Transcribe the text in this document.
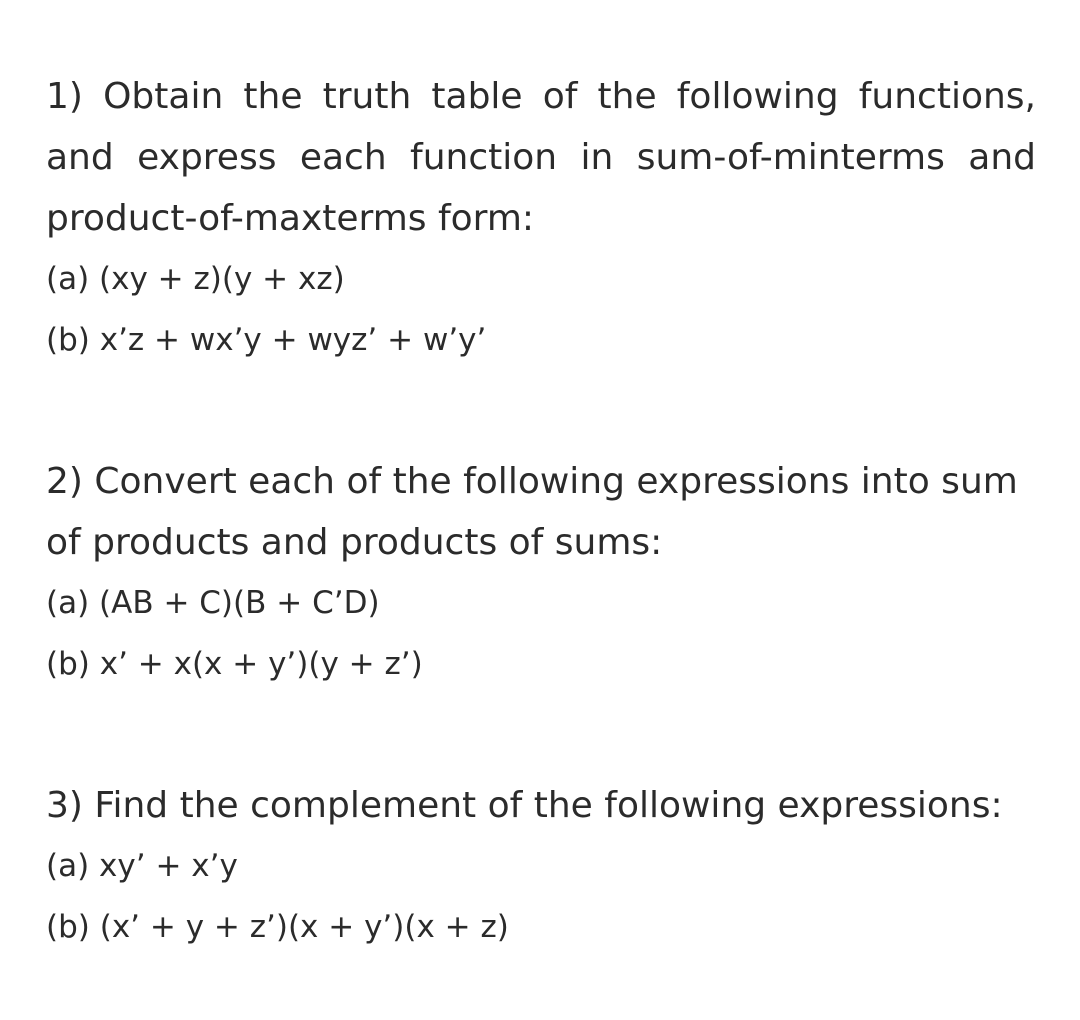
1) Obtain the truth table of the following functions, and express each function in sum-of-minterms and product-of-maxterms form:

(a) (xy + z)(y + xz)
(b) x’z + wx’y + wyz’ + w’y’

2) Convert each of the following expressions into sum of products and products of sums:

(a) (AB + C)(B + C’D)
(b) x’ + x(x + y’)(y + z’)

3) Find the complement of the following expressions:

(a) xy’ + x’y
(b) (x’ + y + z’)(x + y’)(x + z)
